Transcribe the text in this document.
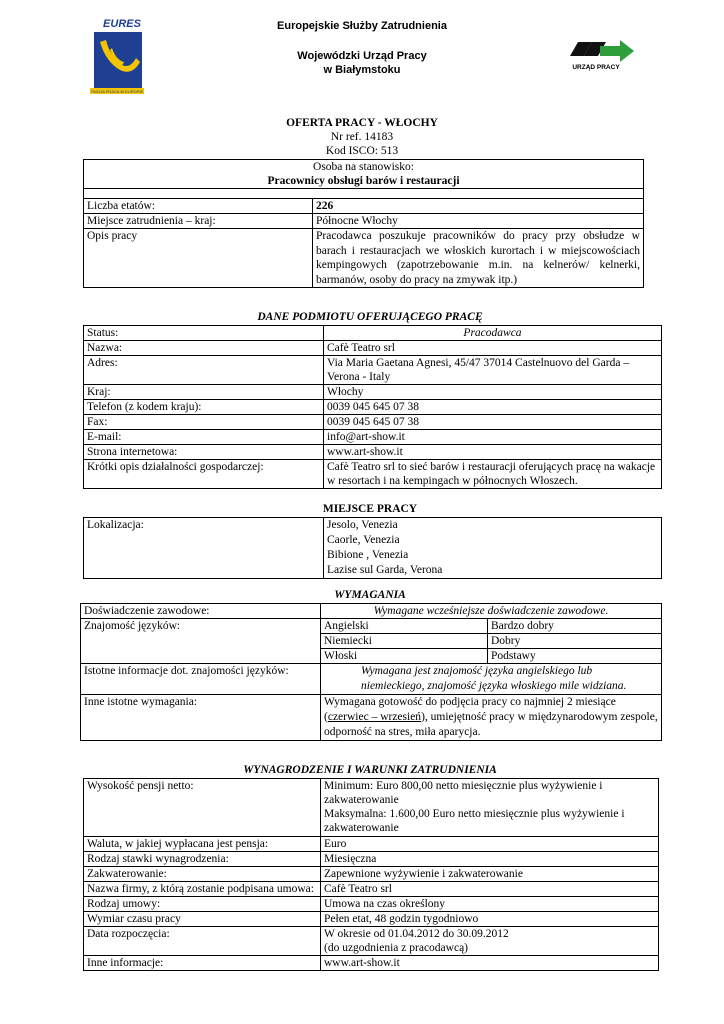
EURES
TWOJA PRACA W EUROPIE
Europejskie Służby Zatrudnienia
Wojewódzki Urząd Pracy
w Białymstoku	URZĄD PRACY
OFERTA PRACY - WŁOCHY
Nr ref. 14183
Kod ISCO: 513
Osoba na stanowisko:
Pracownicy obsługi barów i restauracji	

Liczba etatów:	226
Miejsce zatrudnienia – kraj:	Północne Włochy
Opis pracy	Pracodawca poszukuje pracowników do pracy przy obsłudze w barach i restauracjach we włoskich kurortach i w miejscowościach kempingowych (zapotrzebowanie m.in. na kelnerów/ kelnerki, barmanów, osoby do pracy na zmywak itp.)
DANE PODMIOTU OFERUJĄCEGO PRACĘ
Status:	Pracodawca
Nazwa:	Cafè Teatro srl
Adres:	Via Maria Gaetana Agnesi, 45/47 37014 Castelnuovo del Garda – Verona - Italy
Kraj:	Włochy
Telefon (z kodem kraju):	0039 045 645 07 38
Fax:	0039 045 645 07 38
E-mail:	info@art-show.it
Strona internetowa:	www.art-show.it
Krótki opis działalności gospodarczej:	Cafè Teatro srl to sieć barów i restauracji oferujących pracę na wakacje w resortach i na kempingach w północnych Włoszech.
MIEJSCE PRACY
Lokalizacja:	Jesolo, Venezia
Caorle, Venezia
Bibione , Venezia
Lazise sul Garda, Verona
WYMAGANIA
Doświadczenie zawodowe:	Wymagane wcześniejsze doświadczenie zawodowe.	
Znajomość języków:	Angielski	Bardzo dobry
	Niemiecki	Dobry
	Włoski	Podstawy
Istotne informacje dot. znajomości języków:	Wymagana jest znajomość języka angielskiego lub niemieckiego, znajomość języka włoskiego mile widziana.	
Inne istotne wymagania:	Wymagana gotowość do podjęcia pracy co najmniej 2 miesiące (czerwiec – wrzesień), umiejętność pracy w międzynarodowym zespole, odporność na stres, miła aparycja.	
WYNAGRODZENIE I WARUNKI ZATRUDNIENIA
Wysokość pensji netto:	Minimum: Euro 800,00 netto miesięcznie plus wyżywienie i zakwaterowanie
Maksymalna: 1.600,00 Euro netto miesięcznie plus wyżywienie i zakwaterowanie

Waluta, w jakiej wypłacana jest pensja:	Euro
Rodzaj stawki wynagrodzenia:	Miesięczna
Zakwaterowanie:	Zapewnione wyżywienie i zakwaterowanie
Nazwa firmy, z którą zostanie podpisana umowa:	Cafè Teatro srl
Rodzaj umowy:	Umowa na czas określony
Wymiar czasu pracy	Pełen etat, 48 godzin tygodniowo
Data rozpoczęcia:	W okresie od 01.04.2012 do 30.09.2012
(do uzgodnienia z pracodawcą)

Inne informacje:	www.art-show.it
